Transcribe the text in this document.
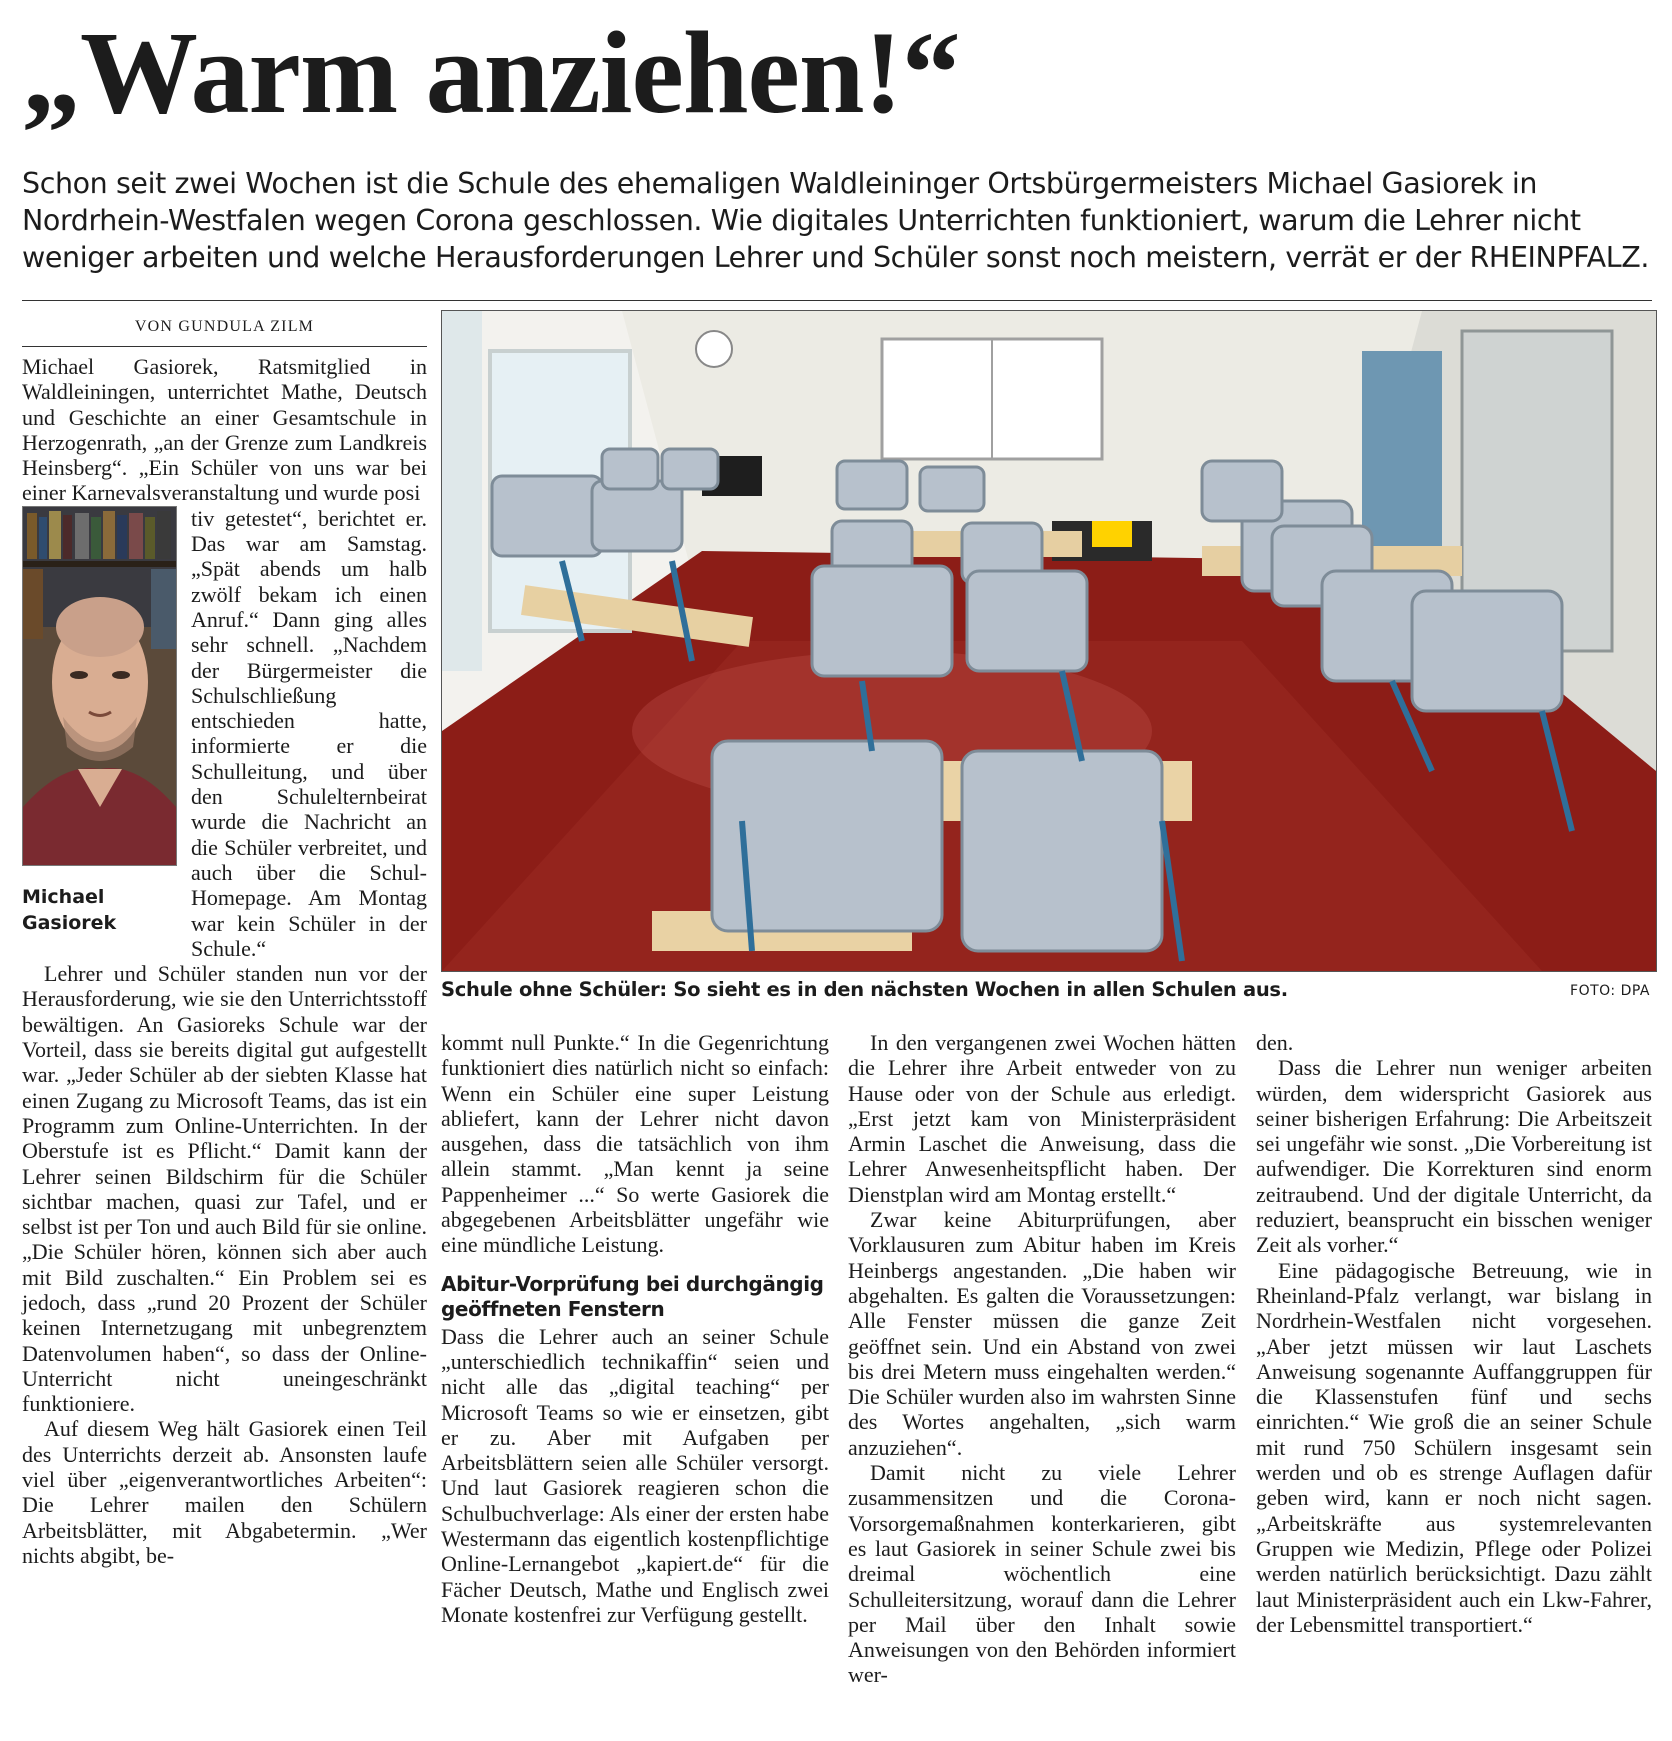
„Warm anziehen!“

Schon seit zwei Wochen ist die Schule des ehemaligen Waldleininger Ortsbürgermeisters Michael Gasiorek in Nordrhein-Westfalen wegen Corona geschlossen. Wie digitales Unterrichten funktioniert, warum die Lehrer nicht weniger arbeiten und welche Herausforderungen Lehrer und Schüler sonst noch meistern, verrät er der RHEINPFALZ.

VON GUNDULA ZILM

Michael Gasiorek, Ratsmitglied in Waldleiningen, unterrichtet Mathe, Deutsch und Geschichte an einer Gesamtschule in Herzogenrath, „an der Grenze zum Landkreis Heinsberg“. „Ein Schüler von uns war bei einer Karnevalsveranstaltung und wurde posi

Michael Gasiorek

tiv getestet“, berichtet er. Das war am Samstag. „Spät abends um halb zwölf bekam ich einen Anruf.“ Dann ging alles sehr schnell. „Nachdem der Bürgermeister die Schulschließung entschieden hatte, informierte er die Schulleitung, und über den Schulelternbeirat wurde die Nachricht an die Schüler verbreitet, und auch über die Schul-Homepage. Am Montag war kein Schüler in der Schule.“

Lehrer und Schüler standen nun vor der Herausforderung, wie sie den Unterrichtsstoff bewältigen. An Gasioreks Schule war der Vorteil, dass sie bereits digital gut aufgestellt war. „Jeder Schüler ab der siebten Klasse hat einen Zugang zu Microsoft Teams, das ist ein Programm zum Online-Unterrichten. In der Oberstufe ist es Pflicht.“ Damit kann der Lehrer seinen Bildschirm für die Schüler sichtbar machen, quasi zur Tafel, und er selbst ist per Ton und auch Bild für sie online. „Die Schüler hören, können sich aber auch mit Bild zuschalten.“ Ein Problem sei es jedoch, dass „rund 20 Prozent der Schüler keinen Internetzugang mit unbegrenztem Datenvolumen haben“, so dass der Online-Unterricht nicht uneingeschränkt funktioniere.

Auf diesem Weg hält Gasiorek einen Teil des Unterrichts derzeit ab. Ansonsten laufe viel über „eigenverantwortliches Arbeiten“: Die Lehrer mailen den Schülern Arbeitsblätter, mit Abgabetermin. „Wer nichts abgibt, be-

Schule ohne Schüler: So sieht es in den nächsten Wochen in allen Schulen aus.	FOTO: DPA

kommt null Punkte.“ In die Gegenrichtung funktioniert dies natürlich nicht so einfach: Wenn ein Schüler eine super Leistung abliefert, kann der Lehrer nicht davon ausgehen, dass die tatsächlich von ihm allein stammt. „Man kennt ja seine Pappenheimer ...“ So werte Gasiorek die abgegebenen Arbeitsblätter ungefähr wie eine mündliche Leistung.

Abitur-Vorprüfung bei durchgängig geöffneten Fenstern

Dass die Lehrer auch an seiner Schule „unterschiedlich technikaffin“ seien und nicht alle das „digital teaching“ per Microsoft Teams so wie er einsetzen, gibt er zu. Aber mit Aufgaben per Arbeitsblättern seien alle Schüler versorgt. Und laut Gasiorek reagieren schon die Schulbuchverlage: Als einer der ersten habe Westermann das eigentlich kostenpflichtige Online-Lernangebot „kapiert.de“ für die Fächer Deutsch, Mathe und Englisch zwei Monate kostenfrei zur Verfügung gestellt.

In den vergangenen zwei Wochen hätten die Lehrer ihre Arbeit entweder von zu Hause oder von der Schule aus erledigt. „Erst jetzt kam von Ministerpräsident Armin Laschet die Anweisung, dass die Lehrer Anwesenheitspflicht haben. Der Dienstplan wird am Montag erstellt.“

Zwar keine Abiturprüfungen, aber Vorklausuren zum Abitur haben im Kreis Heinbergs angestanden. „Die haben wir abgehalten. Es galten die Voraussetzungen: Alle Fenster müssen die ganze Zeit geöffnet sein. Und ein Abstand von zwei bis drei Metern muss eingehalten werden.“ Die Schüler wurden also im wahrsten Sinne des Wortes angehalten, „sich warm anzuziehen“.

Damit nicht zu viele Lehrer zusammensitzen und die Corona-Vorsorgemaßnahmen konterkarieren, gibt es laut Gasiorek in seiner Schule zwei bis dreimal wöchentlich eine Schulleitersitzung, worauf dann die Lehrer per Mail über den Inhalt sowie Anweisungen von den Behörden informiert wer-

den.

Dass die Lehrer nun weniger arbeiten würden, dem widerspricht Gasiorek aus seiner bisherigen Erfahrung: Die Arbeitszeit sei ungefähr wie sonst. „Die Vorbereitung ist aufwendiger. Die Korrekturen sind enorm zeitraubend. Und der digitale Unterricht, da reduziert, beansprucht ein bisschen weniger Zeit als vorher.“

Eine pädagogische Betreuung, wie in Rheinland-Pfalz verlangt, war bislang in Nordrhein-Westfalen nicht vorgesehen. „Aber jetzt müssen wir laut Laschets Anweisung sogenannte Auffanggruppen für die Klassenstufen fünf und sechs einrichten.“ Wie groß die an seiner Schule mit rund 750 Schülern insgesamt sein werden und ob es strenge Auflagen dafür geben wird, kann er noch nicht sagen. „Arbeitskräfte aus systemrelevanten Gruppen wie Medizin, Pflege oder Polizei werden natürlich berücksichtigt. Dazu zählt laut Ministerpräsident auch ein Lkw-Fahrer, der Lebensmittel transportiert.“
